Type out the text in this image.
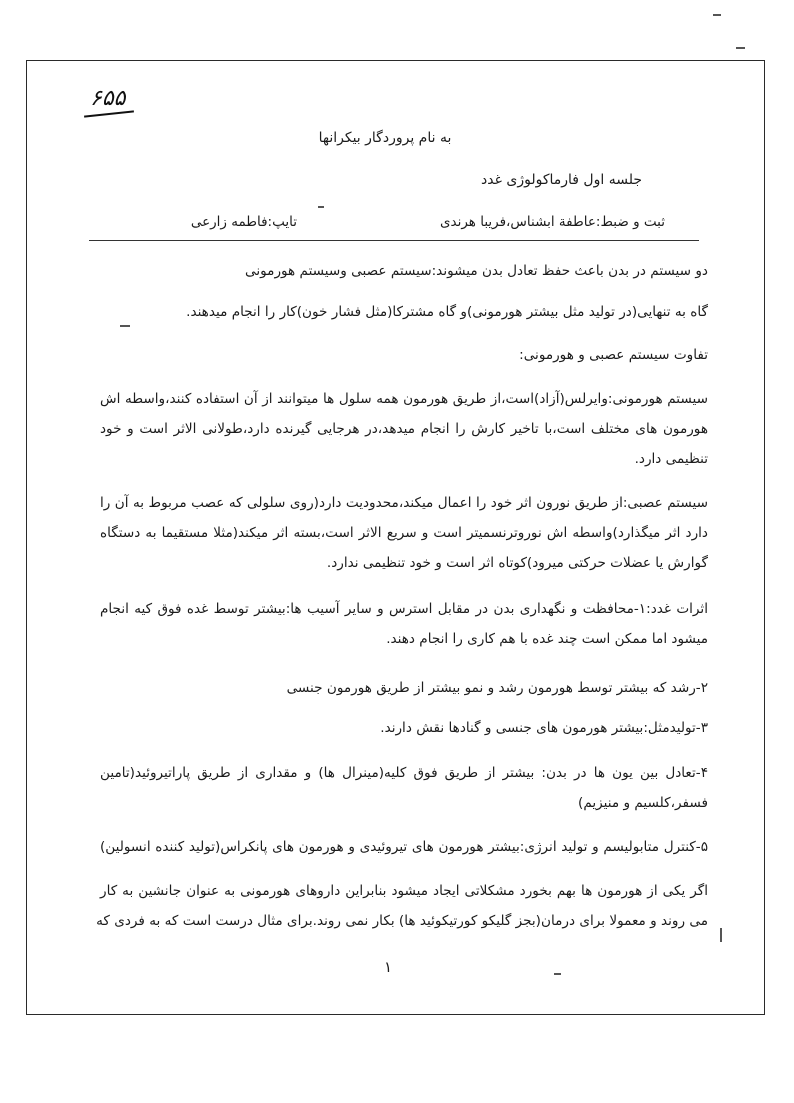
۶۵۵
به نام پروردگار بیکرانها
جلسه اول فارماکولوژی غدد
ثبت و ضبط:عاطفة ابشناس،فریبا هرندی
تایپ:فاطمه زارعی
دو سیستم در بدن باعث حفظ تعادل بدن میشوند:سیستم عصبی وسیستم هورمونی
گاه به تنهایی(در تولید مثل بیشتر هورمونی)و گاه مشترکا(مثل فشار خون)کار را انجام میدهند.
تفاوت سیستم عصبی و هورمونی:
سیستم هورمونی:وایرلس(آزاد)است،از طریق هورمون همه سلول ها میتوانند از آن استفاده کنند،واسطه اش
هورمون های مختلف است،با تاخیر کارش را انجام میدهد،در هرجایی گیرنده دارد،طولانی الاثر است و خود
تنظیمی دارد.
سیستم عصبی:از طریق نورون اثر خود را اعمال میکند،محدودیت دارد(روی سلولی که عصب مربوط به آن را
دارد اثر میگذارد)واسطه اش نوروترنسمیتر است و سریع الاثر است،بسته اثر میکند(مثلا مستقیما به دستگاه
گوارش یا عضلات حرکتی میرود)کوتاه اثر است و خود تنظیمی ندارد.
اثرات غدد:۱-محافظت و نگهداری بدن در مقابل استرس و سایر آسیب ها:بیشتر توسط غده فوق کیه انجام
میشود اما ممکن است چند غده با هم کاری را انجام دهند.
۲-رشد که بیشتر توسط هورمون رشد و نمو بیشتر از طریق هورمون جنسی
۳-تولیدمثل:بیشتر هورمون های جنسی و گنادها نقش دارند.
۴-تعادل بین یون ها در بدن: بیشتر از طریق فوق کلیه(مینرال ها) و مقداری از طریق پاراتیروئید(تامین
فسفر،کلسیم و منیزیم)
۵-کنترل متابولیسم و تولید انرژی:بیشتر هورمون های تیروئیدی و هورمون های پانکراس(تولید کننده انسولین)
اگر یکی از هورمون ها بهم بخورد مشکلاتی ایجاد میشود بنابراین داروهای هورمونی به عنوان جانشین به کار
می روند و معمولا برای درمان(بجز گلیکو کورتیکوئید ها) بکار نمی روند.برای مثال درست است که به فردی که
۱
